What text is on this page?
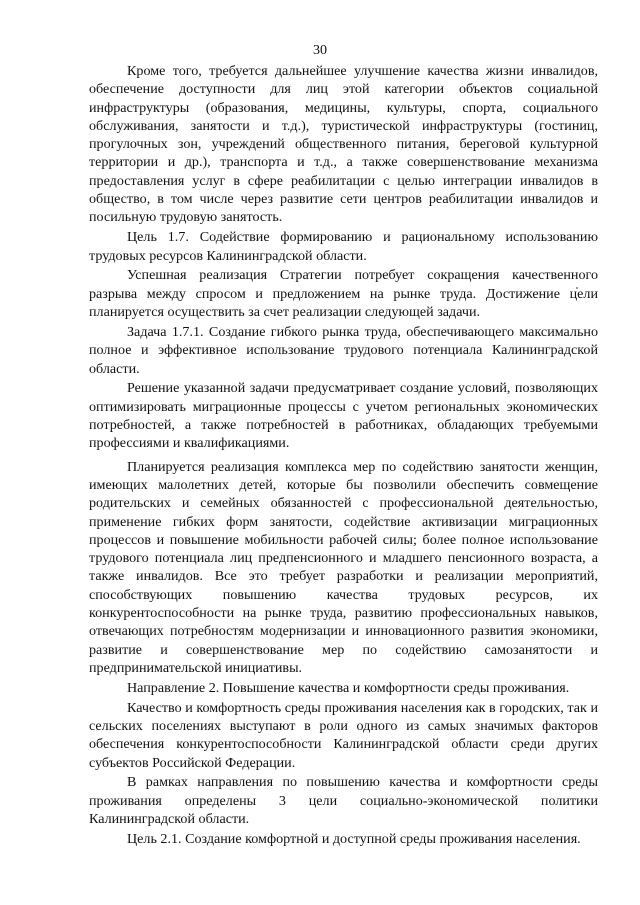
30

Кроме того, требуется дальнейшее улучшение качества жизни инвалидов, обеспечение доступности для лиц этой категории объектов социальной инфраструктуры (образования, медицины, культуры, спорта, социального обслуживания, занятости и т.д.), туристической инфраструктуры (гостиниц, прогулочных зон, учреждений общественного питания, береговой культурной территории и др.), транспорта и т.д., а также совершенствование механизма предоставления услуг в сфере реабилитации с целью интеграции инвалидов в общество, в том числе через развитие сети центров реабилитации инвалидов и посильную трудовую занятость.

Цель 1.7. Содействие формированию и рациональному использованию трудовых ресурсов Калининградской области.

Успешная реализация Стратегии потребует сокращения качественного разрыва между спросом и предложением на рынке труда. Достижение цели планируется осуществить за счет реализации следующей задачи.

Задача 1.7.1. Создание гибкого рынка труда, обеспечивающего максимально полное и эффективное использование трудового потенциала Калининградской области.

Решение указанной задачи предусматривает создание условий, позволяющих оптимизировать миграционные процессы с учетом региональных экономических потребностей, а также потребностей в работниках, обладающих требуемыми профессиями и квалификациями.

Планируется реализация комплекса мер по содействию занятости женщин, имеющих малолетних детей, которые бы позволили обеспечить совмещение родительских и семейных обязанностей с профессиональной деятельностью, применение гибких форм занятости, содействие активизации миграционных процессов и повышение мобильности рабочей силы; более полное использование трудового потенциала лиц предпенсионного и младшего пенсионного возраста, а также инвалидов. Все это требует разработки и реализации мероприятий, способствующих повышению качества трудовых ресурсов, их конкурентоспособности на рынке труда, развитию профессиональных навыков, отвечающих потребностям модернизации и инновационного развития экономики, развитие и совершенствование мер по содействию самозанятости и предпринимательской инициативы.

Направление 2. Повышение качества и комфортности среды проживания.

Качество и комфортность среды проживания населения как в городских, так и сельских поселениях выступают в роли одного из самых значимых факторов обеспечения конкурентоспособности Калининградской области среди других субъектов Российской Федерации.

В рамках направления по повышению качества и комфортности среды проживания определены 3 цели социально-экономической политики Калининградской области.

Цель 2.1. Создание комфортной и доступной среды проживания населения.
